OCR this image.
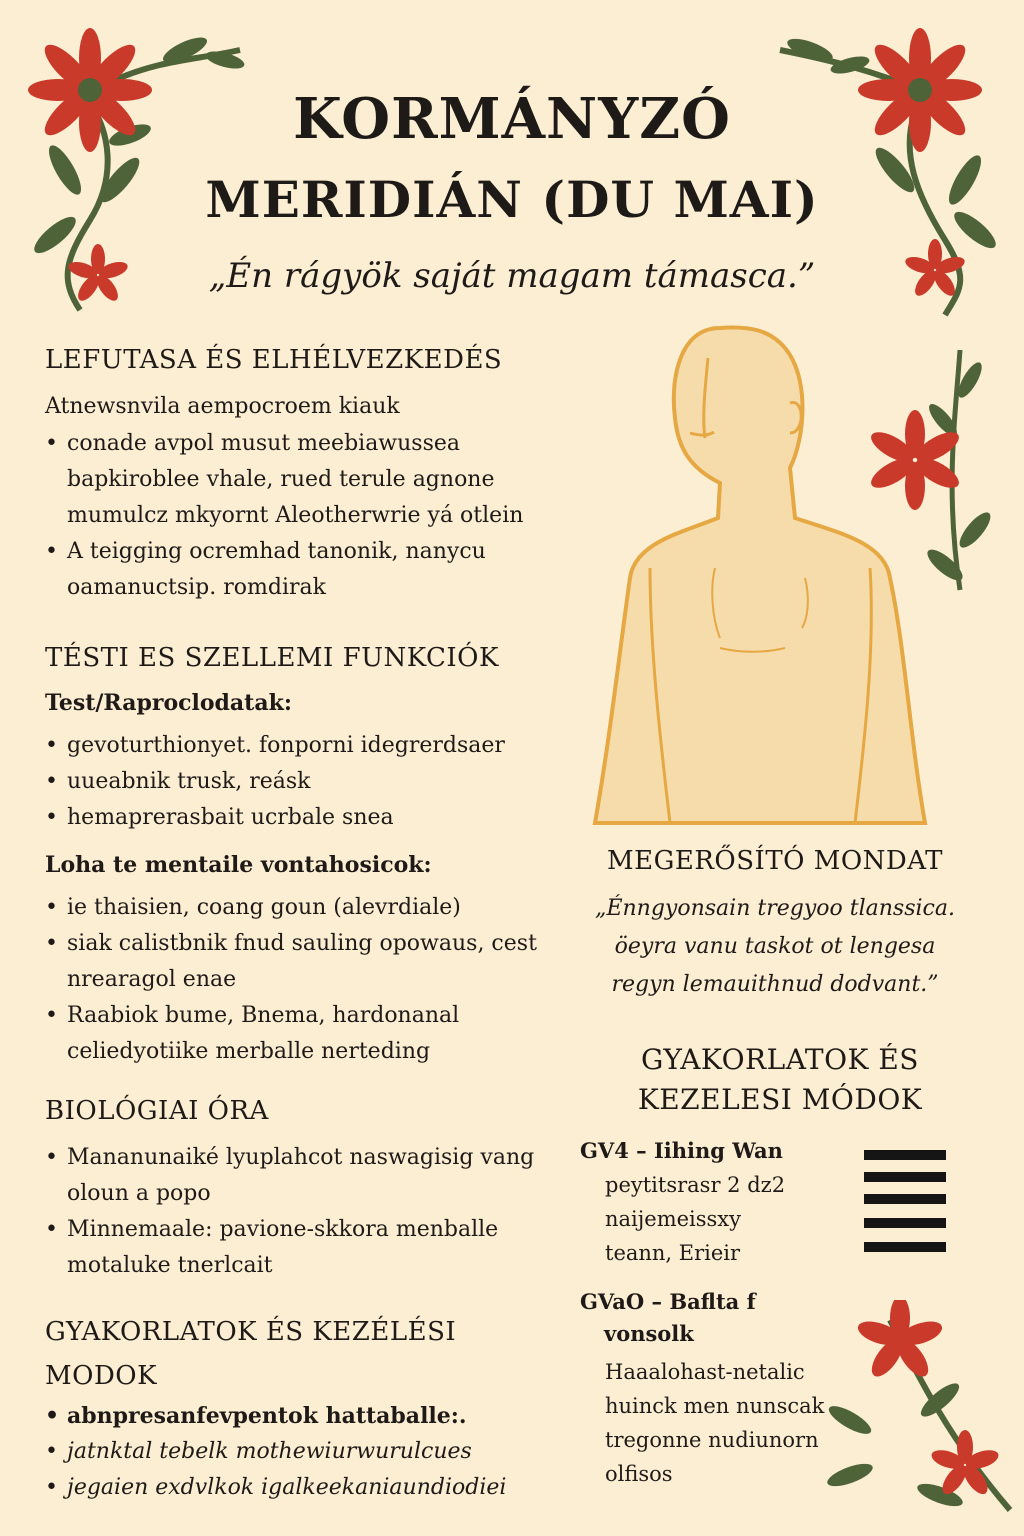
KORMÁNYZÓ
MERIDIÁN (DU MAI)
„Én rágyök saját magam támasca.”
LEFUTASA ÉS ELHÉLVEZKEDÉS
Atnewsnvila aempocroem kiauk
• conade avpol musut meebiawussea bapkiroblee vhale, rued terule agnone mumulcz mkyornt Aleotherwrie yá otlein
• A teigging ocremhad tanonik, nanycu oamanuctsip. romdirak
TÉSTI ES SZELLEMI FUNKCIÓK
Test/Raproclodatak:
• gevoturthionyet. fonporni idegrerdsaer
• uueabnik trusk, reásk
• hemaprerasbait ucrbale snea
Loha te mentaile vontahosicok:
• ie thaisien, coang goun (alevrdiale)
• siak calistbnik fnud sauling opowaus, cest nrearagol enae
• Raabiok bume, Bnema, hardonanal celiedyotiike merballe nerteding
BIOLÓGIAI ÓRA
• Mananunaiké lyuplahcot naswagisig vang oloun a popo
• Minnemaale: pavione-skkora menballe motaluke tnerlcait
GYAKORLATOK ÉS KEZÉLÉSI MODOK
• abnpresanfevpentok hattaballe:.
• jatnktal tebelk mothewiurwurulcues
• jegaien exdvlkok igalkeekaniaundiodiei
MEGERŐSÍTÓ MONDAT
„Énngyonsain tregyoo tlanssica.
öeyra vanu taskot ot lengesa
regyn lemauithnud dodvant.”
GYAKORLATOK ÉS
KEZELESI MÓDOK
GV4 – Iihing Wan
peytitsrasr 2 dz2
naijemeissxy
teann, Erieir
GVaO – Baflta f
vonsolk
Haaalohast-netalic
huinck men nunscak
tregonne nudiunorn
olfisos
